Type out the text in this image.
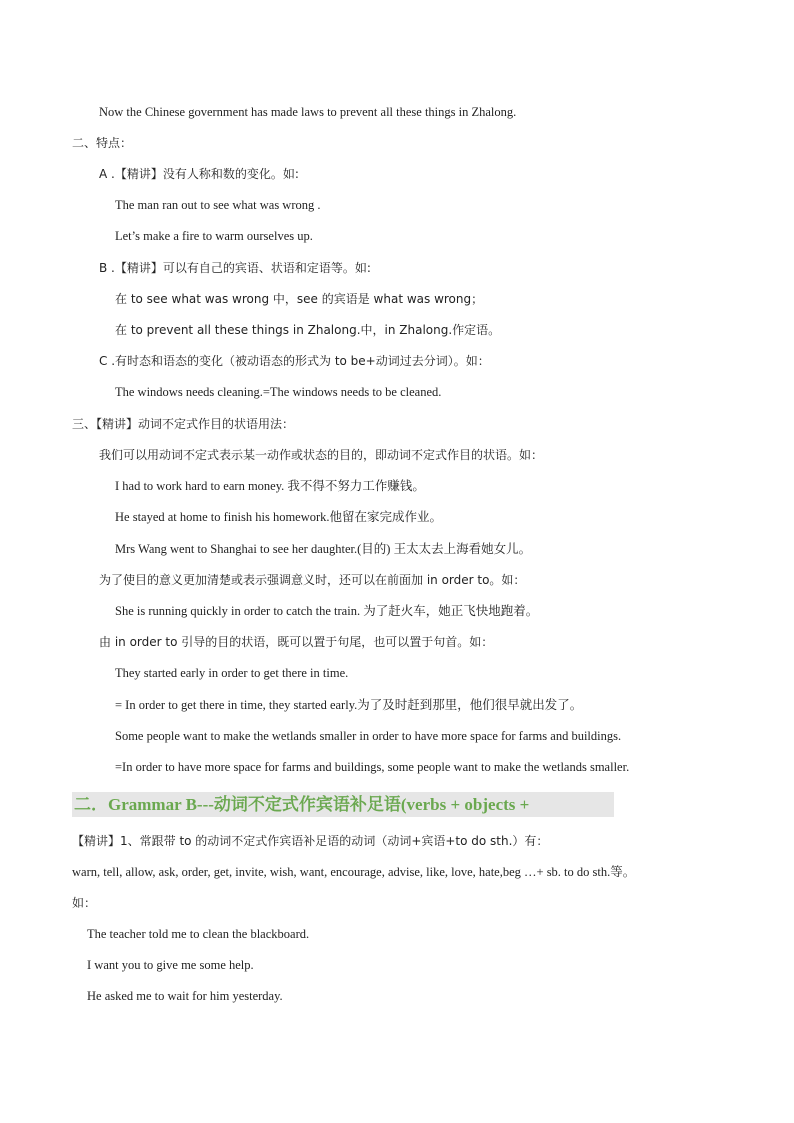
Now the Chinese government has made laws to prevent all these things in Zhalong.
二、特点：
A .【精讲】没有人称和数的变化。如:
The man ran out to see what was wrong .
Let’s make a fire to warm ourselves up.
B .【精讲】可以有自己的宾语、状语和定语等。如:
在 to see what was wrong 中，see 的宾语是 what was wrong；
在 to prevent all these things in Zhalong.中，in Zhalong.作定语。
C .有时态和语态的变化（被动语态的形式为 to be+动词过去分词）。如：
The windows needs cleaning.=The windows needs to be cleaned.
三、【精讲】动词不定式作目的状语用法：
我们可以用动词不定式表示某一动作或状态的目的，即动词不定式作目的状语。如：
I had to work hard to earn money. 我不得不努力工作赚钱。
He stayed at home to finish his homework.他留在家完成作业。
Mrs Wang went to Shanghai to see her daughter.(目的) 王太太去上海看她女儿。
为了使目的意义更加清楚或表示强调意义时，还可以在前面加 in order to。如：
She is running quickly in order to catch the train. 为了赶火车，她正飞快地跑着。
由 in order to 引导的目的状语，既可以置于句尾，也可以置于句首。如：
They started early in order to get there in time.
= In order to get there in time, they started early.为了及时赶到那里，他们很早就出发了。
Some people want to make the wetlands smaller in order to have more space for farms and buildings.
=In order to have more space for farms and buildings, some people want to make the wetlands smaller.
二．Grammar B---动词不定式作宾语补足语(verbs + objects +
【精讲】1、常跟带 to 的动词不定式作宾语补足语的动词（动词+宾语+to do sth.）有：
warn, tell, allow, ask, order, get, invite, wish, want, encourage, advise, like, love, hate,beg …+ sb. to do sth.等。
如：
The teacher told me to clean the blackboard.
I want you to give me some help.
He asked me to wait for him yesterday.
